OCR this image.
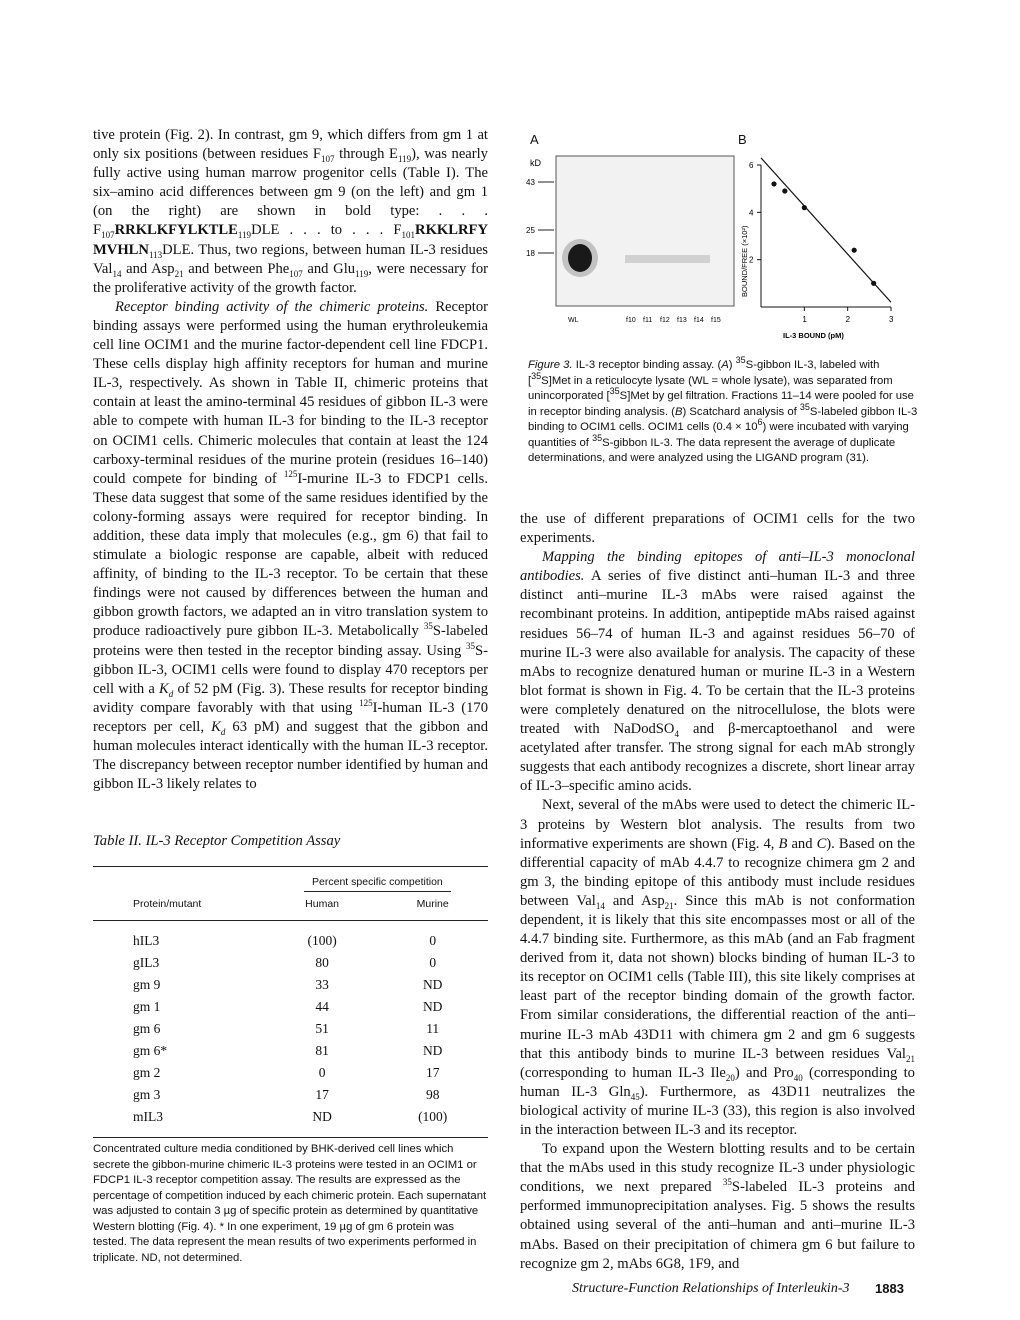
tive protein (Fig. 2). In contrast, gm 9, which differs from gm 1 at only six positions (between residues $F_{107}$ through $E_{119}$), was nearly fully active using human marrow progenitor cells (Table I). The six–amino acid differences between gm 9 (on the left) and gm 1 (on the right) are shown in bold type: . . . $F_{107}RRKLKFYLKTLE_{119}DLE$ . . . to . . . $F_{101}RKKLRFY$ $MVHLN_{113}DLE$. Thus, two regions, between human IL-3 residues Val$_{14}$ and Asp$_{21}$ and between Phe$_{107}$ and Glu$_{119}$, were necessary for the proliferative activity of the growth factor.

Receptor binding activity of the chimeric proteins. Receptor binding assays were performed using the human erythroleukemia cell line OCIM1 and the murine factor-dependent cell line FDCP1. These cells display high affinity receptors for human and murine IL-3, respectively. As shown in Table II, chimeric proteins that contain at least the amino-terminal 45 residues of gibbon IL-3 were able to compete with human IL-3 for binding to the IL-3 receptor on OCIM1 cells. Chimeric molecules that contain at least the 124 carboxy-terminal residues of the murine protein (residues 16–140) could compete for binding of $^{125}$I-murine IL-3 to FDCP1 cells. These data suggest that some of the same residues identified by the colony-forming assays were required for receptor binding. In addition, these data imply that molecules (e.g., gm 6) that fail to stimulate a biologic response are capable, albeit with reduced affinity, of binding to the IL-3 receptor. To be certain that these findings were not caused by differences between the human and gibbon growth factors, we adapted an in vitro translation system to produce radioactively pure gibbon IL-3. Metabolically $^{35}$S-labeled proteins were then tested in the receptor binding assay. Using $^{35}$S-gibbon IL-3, OCIM1 cells were found to display 470 receptors per cell with a $K_d$ of 52 pM (Fig. 3). These results for receptor binding avidity compare favorably with that using $^{125}$I-human IL-3 (170 receptors per cell, $K_d$ 63 pM) and suggest that the gibbon and human molecules interact identically with the human IL-3 receptor. The discrepancy between receptor number identified by human and gibbon IL-3 likely relates to

Table II. IL-3 Receptor Competition Assay
	Percent specific competition	
Protein/mutant	Human	Murine
hIL3	(100)	0
gIL3	80	0
gm 9	33	ND
gm 1	44	ND
gm 6	51	11
gm 6*	81	ND
gm 2	0	17
gm 3	17	98
mIL3	ND	(100)
Concentrated culture media conditioned by BHK-derived cell lines which secrete the gibbon-murine chimeric IL-3 proteins were tested in an OCIM1 or FDCP1 IL-3 receptor competition assay. The results are expressed as the percentage of competition induced by each chimeric protein. Each supernatant was adjusted to contain 3 µg of specific protein as determined by quantitative Western blotting (Fig. 4). * In one experiment, 19 µg of gm 6 protein was tested. The data represent the mean results of two experiments performed in triplicate. ND, not determined.
A	B
kD
43
25
18
WL	f10 f11 f12 f13 f14 f15	1	2	3
2
4
6
IL-3 BOUND (pM)
BOUND/FREE (×10²)
Figure 3. IL-3 receptor binding assay. (A) $^{35}$S-gibbon IL-3, labeled with [$^{35}$S]Met in a reticulocyte lysate (WL = whole lysate), was separated from unincorporated [$^{35}$S]Met by gel filtration. Fractions 11–14 were pooled for use in receptor binding analysis. (B) Scatchard analysis of $^{35}$S-labeled gibbon IL-3 binding to OCIM1 cells. OCIM1 cells $(0.4 \times 10^6)$ were incubated with varying quantities of $^{35}$S-gibbon IL-3. The data represent the average of duplicate determinations, and were analyzed using the LIGAND program (31).

the use of different preparations of OCIM1 cells for the two experiments.

Mapping the binding epitopes of anti–IL-3 monoclonal antibodies. A series of five distinct anti–human IL-3 and three distinct anti–murine IL-3 mAbs were raised against the recombinant proteins. In addition, antipeptide mAbs raised against residues 56–74 of human IL-3 and against residues 56–70 of murine IL-3 were also available for analysis. The capacity of these mAbs to recognize denatured human or murine IL-3 in a Western blot format is shown in Fig. 4. To be certain that the IL-3 proteins were completely denatured on the nitrocellulose, the blots were treated with NaDodSO$_4$ and β-mercaptoethanol and were acetylated after transfer. The strong signal for each mAb strongly suggests that each antibody recognizes a discrete, short linear array of IL-3–specific amino acids.

Next, several of the mAbs were used to detect the chimeric IL-3 proteins by Western blot analysis. The results from two informative experiments are shown (Fig. 4, B and C). Based on the differential capacity of mAb 4.4.7 to recognize chimera gm 2 and gm 3, the binding epitope of this antibody must include residues between Val$_{14}$ and Asp$_{21}$. Since this mAb is not conformation dependent, it is likely that this site encompasses most or all of the 4.4.7 binding site. Furthermore, as this mAb (and an Fab fragment derived from it, data not shown) blocks binding of human IL-3 to its receptor on OCIM1 cells (Table III), this site likely comprises at least part of the receptor binding domain of the growth factor. From similar considerations, the differential reaction of the anti–murine IL-3 mAb 43D11 with chimera gm 2 and gm 6 suggests that this antibody binds to murine IL-3 between residues Val$_{21}$ (corresponding to human IL-3 Ile$_{20}$) and Pro$_{40}$ (corresponding to human IL-3 Gln$_{45}$). Furthermore, as 43D11 neutralizes the biological activity of murine IL-3 (33), this region is also involved in the interaction between IL-3 and its receptor.

To expand upon the Western blotting results and to be certain that the mAbs used in this study recognize IL-3 under physiologic conditions, we next prepared $^{35}$S-labeled IL-3 proteins and performed immunoprecipitation analyses. Fig. 5 shows the results obtained using several of the anti–human and anti–murine IL-3 mAbs. Based on their precipitation of chimera gm 6 but failure to recognize gm 2, mAbs 6G8, 1F9, and

Structure-Function Relationships of Interleukin-3 1883
